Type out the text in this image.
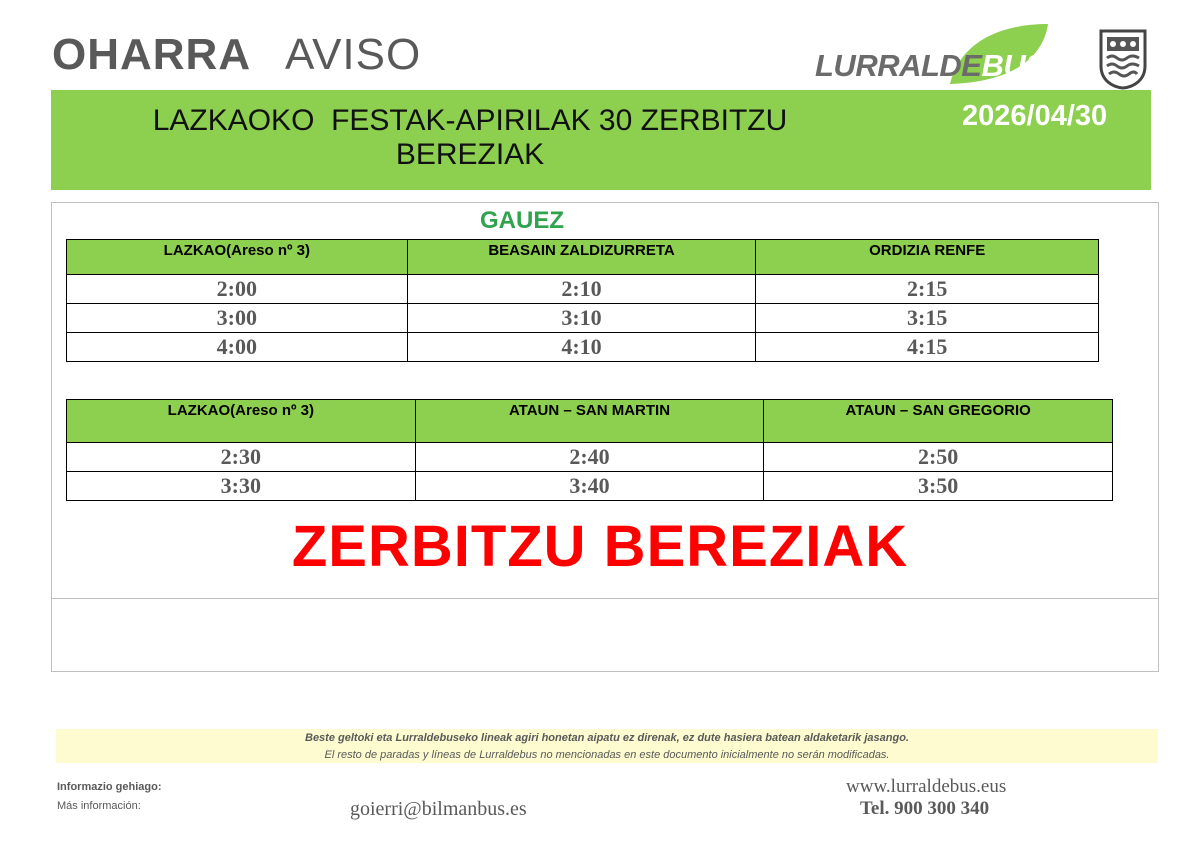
OHARRA AVISO	LURRALDEBUS
LAZKAOKO  FESTAK-APIRILAK 30 ZERBITZU
BEREZIAK
2026/04/30
GAUEZ
LAZKAO(Areso nº 3)	BEASAIN ZALDIZURRETA	ORDIZIA RENFE
2:00	2:10	2:15
3:00	3:10	3:15
4:00	4:10	4:15
LAZKAO(Areso nº 3)	ATAUN – SAN MARTIN	ATAUN – SAN GREGORIO
2:30	2:40	2:50
3:30	3:40	3:50
ZERBITZU BEREZIAK
Beste geltoki eta Lurraldebuseko lineak agiri honetan aipatu ez direnak, ez dute hasiera batean aldaketarik jasango.
El resto de paradas y líneas de Lurraldebus no mencionadas en este documento inicialmente no serán modificadas.
Informazio gehiago:
Más información:	goierri@bilmanbus.es
www.lurraldebus.eus
Tel. 900 300 340
